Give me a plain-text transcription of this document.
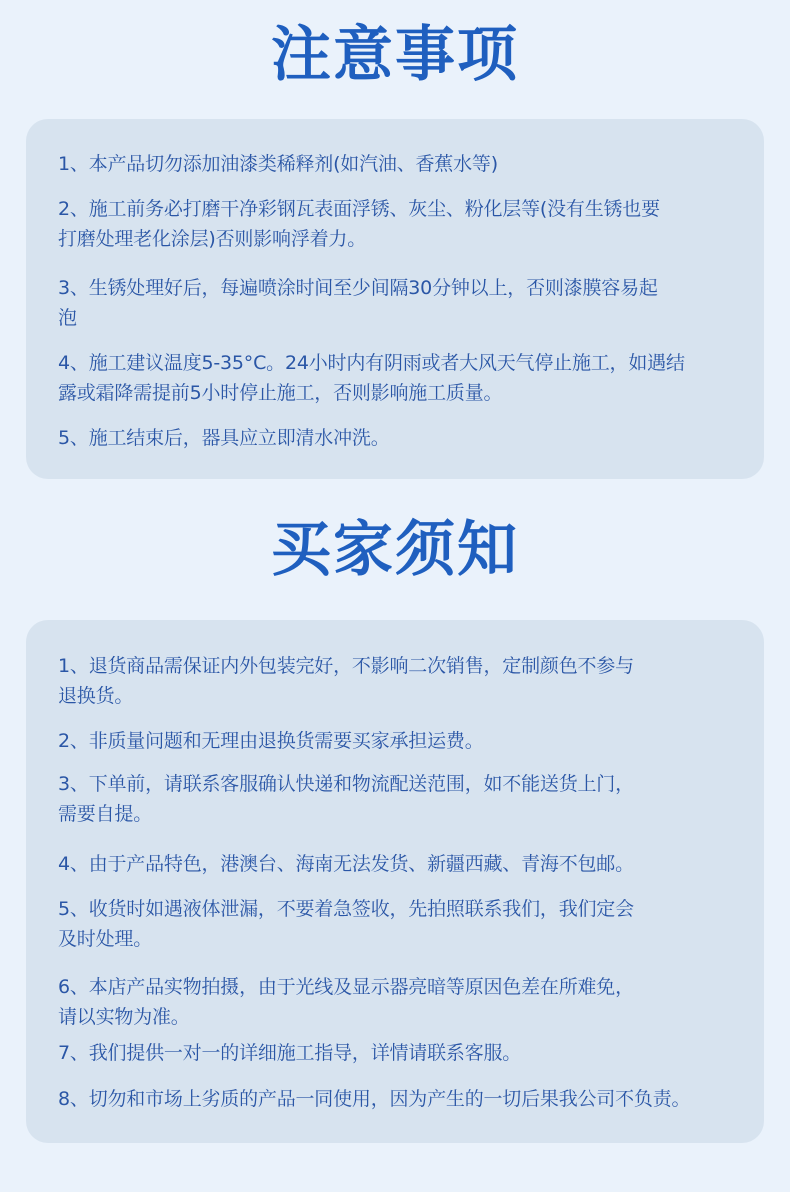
注意事项

1、本产品切勿添加油漆类稀释剂(如汽油、香蕉水等)

2、施工前务必打磨干净彩钢瓦表面浮锈、灰尘、粉化层等(没有生锈也要
打磨处理老化涂层)否则影响浮着力。

3、生锈处理好后，每遍喷涂时间至少间隔30分钟以上，否则漆膜容易起
泡

4、施工建议温度5-35°C。24小时内有阴雨或者大风天气停止施工，如遇结
露或霜降需提前5小时停止施工，否则影响施工质量。

5、施工结束后，器具应立即清水冲洗。

买家须知

1、退货商品需保证内外包装完好，不影响二次销售，定制颜色不参与
退换货。

2、非质量问题和无理由退换货需要买家承担运费。

3、下单前，请联系客服确认快递和物流配送范围，如不能送货上门，
需要自提。

4、由于产品特色，港澳台、海南无法发货、新疆西藏、青海不包邮。

5、收货时如遇液体泄漏，不要着急签收，先拍照联系我们，我们定会
及时处理。

6、本店产品实物拍摄，由于光线及显示器亮暗等原因色差在所难免，
请以实物为准。

7、我们提供一对一的详细施工指导，详情请联系客服。

8、切勿和市场上劣质的产品一同使用，因为产生的一切后果我公司不负责。
